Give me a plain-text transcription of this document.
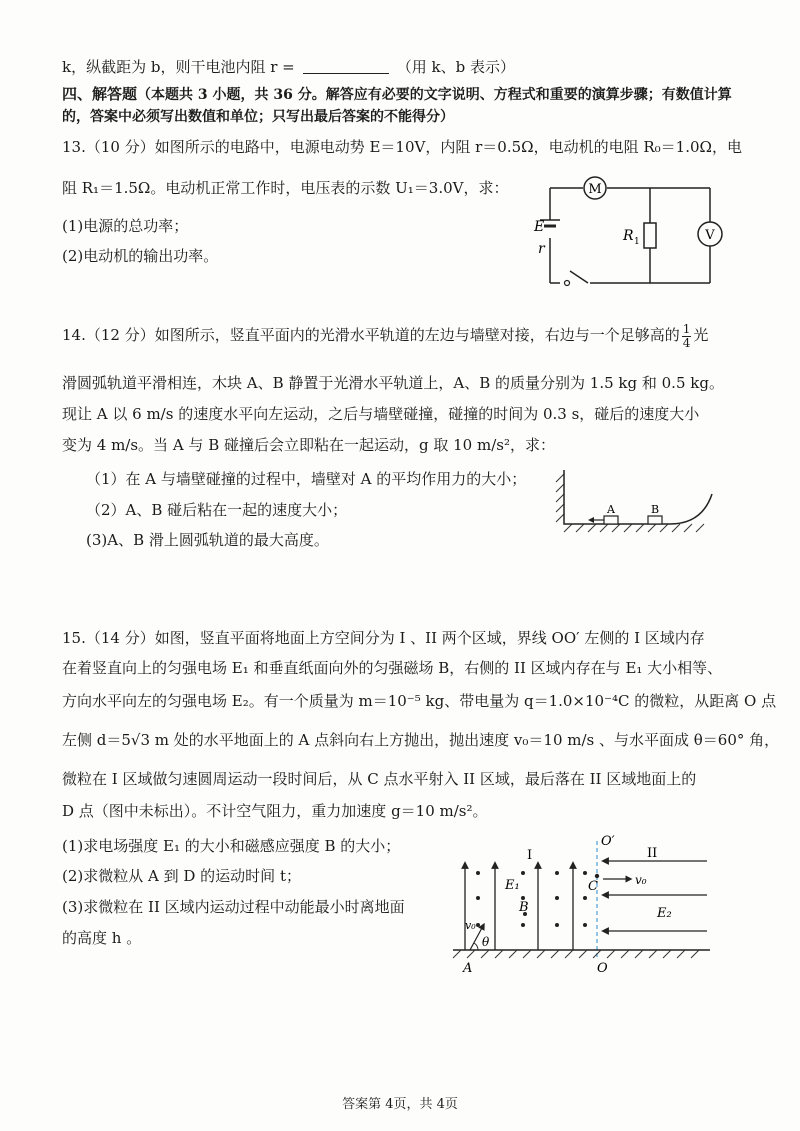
k，纵截距为 b，则干电池内阻 r =	（用 k、b 表示）
四、解答题（本题共 3 小题，共 36 分。解答应有必要的文字说明、方程式和重要的演算步骤；有数值计算
的，答案中必须写出数值和单位；只写出最后答案的不能得分）
13.（10 分）如图所示的电路中，电源电动势 E＝10V，内阻 r＝0.5Ω，电动机的电阻 R₀＝1.0Ω，电
阻 R₁＝1.5Ω。电动机正常工作时，电压表的示数 U₁＝3.0V，求：
(1)电源的总功率；
(2)电动机的输出功率。
M
R 1	V
E
r
14.（12 分）如图所示，竖直平面内的光滑水平轨道的左边与墙壁对接，右边与一个足够高的 $\frac{1}{4}$ 光
滑圆弧轨道平滑相连，木块 A、B 静置于光滑水平轨道上，A、B 的质量分别为 1.5 kg 和 0.5 kg。
现让 A 以 6 m/s 的速度水平向左运动，之后与墙壁碰撞，碰撞的时间为 0.3 s，碰后的速度大小
变为 4 m/s。当 A 与 B 碰撞后会立即粘在一起运动，g 取 10 m/s²，求：
（1）在 A 与墙壁碰撞的过程中，墙壁对 A 的平均作用力的大小；
（2）A、B 碰后粘在一起的速度大小；
(3)A、B 滑上圆弧轨道的最大高度。
A	B
15.（14 分）如图，竖直平面将地面上方空间分为 I 、II 两个区域，界线 OO′ 左侧的 I 区域内存
在着竖直向上的匀强电场 E₁ 和垂直纸面向外的匀强磁场 B，右侧的 II 区域内存在与 E₁ 大小相等、
方向水平向左的匀强电场 E₂。有一个质量为 m＝10⁻⁵ kg、带电量为 q＝1.0×10⁻⁴C 的微粒，从距离 O 点
左侧 d＝5√3 m 处的水平地面上的 A 点斜向右上方抛出，抛出速度 v₀＝10 m/s 、与水平面成 θ＝60° 角，
微粒在 I 区域做匀速圆周运动一段时间后，从 C 点水平射入 II 区域，最后落在 II 区域地面上的
D 点（图中未标出）。不计空气阻力，重力加速度 g＝10 m/s²。
(1)求电场强度 E₁ 的大小和磁感应强度 B 的大小；
(2)求微粒从 A 到 D 的运动时间 t；
(3)求微粒在 II 区域内运动过程中动能最小时离地面
的高度 h 。
O′
I	II
E₁
B
C	v₀
E₂
v₀
θ
A	O
答案第 4页，共 4页
